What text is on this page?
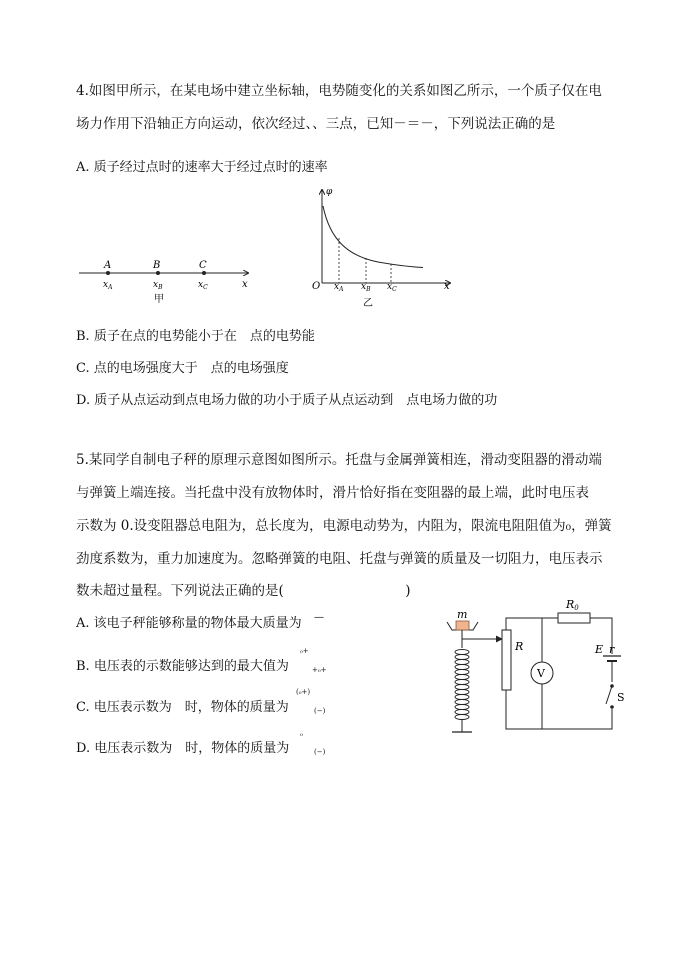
4.如图甲所示，在某电场中建立坐标轴，电势随变化的关系如图乙所示，一个质子仅在电
场力作用下沿轴正方向运动，依次经过、、三点，已知－＝－，下列说法正确的是
A. 质子经过点时的速率大于经过点时的速率
A	B	C
$x_A$	$x_B$	$x_C$	x
甲
φ
O $x_A$ $x_B$ $x_C$	x
乙
B. 质子在点的电势能小于在　点的电势能
C. 点的电场强度大于　点的电场强度
D. 质子从点运动到点电场力做的功小于质子从点运动到　点电场力做的功
5.某同学自制电子秤的原理示意图如图所示。托盘与金属弹簧相连，滑动变阻器的滑动端
与弹簧上端连接。当托盘中没有放物体时，滑片恰好指在变阻器的最上端，此时电压表
示数为 0.设变阻器总电阻为，总长度为，电源电动势为，内阻为，限流电阻阻值为₀，弹簧
劲度系数为，重力加速度为。忽略弹簧的电阻、托盘与弹簧的质量及一切阻力，电压表示
数未超过量程。下列说法正确的是(　　　　　　　　　)
A. 该电子秤能够称量的物体最大质量为 —
B. 电压表的示数能够达到的最大值为
₀+
+₀+
C. 电压表示数为　时，物体的质量为
(₀+)
(−)
D. 电压表示数为　时，物体的质量为
₀
(−)
m
R
R0
V
E r
S
